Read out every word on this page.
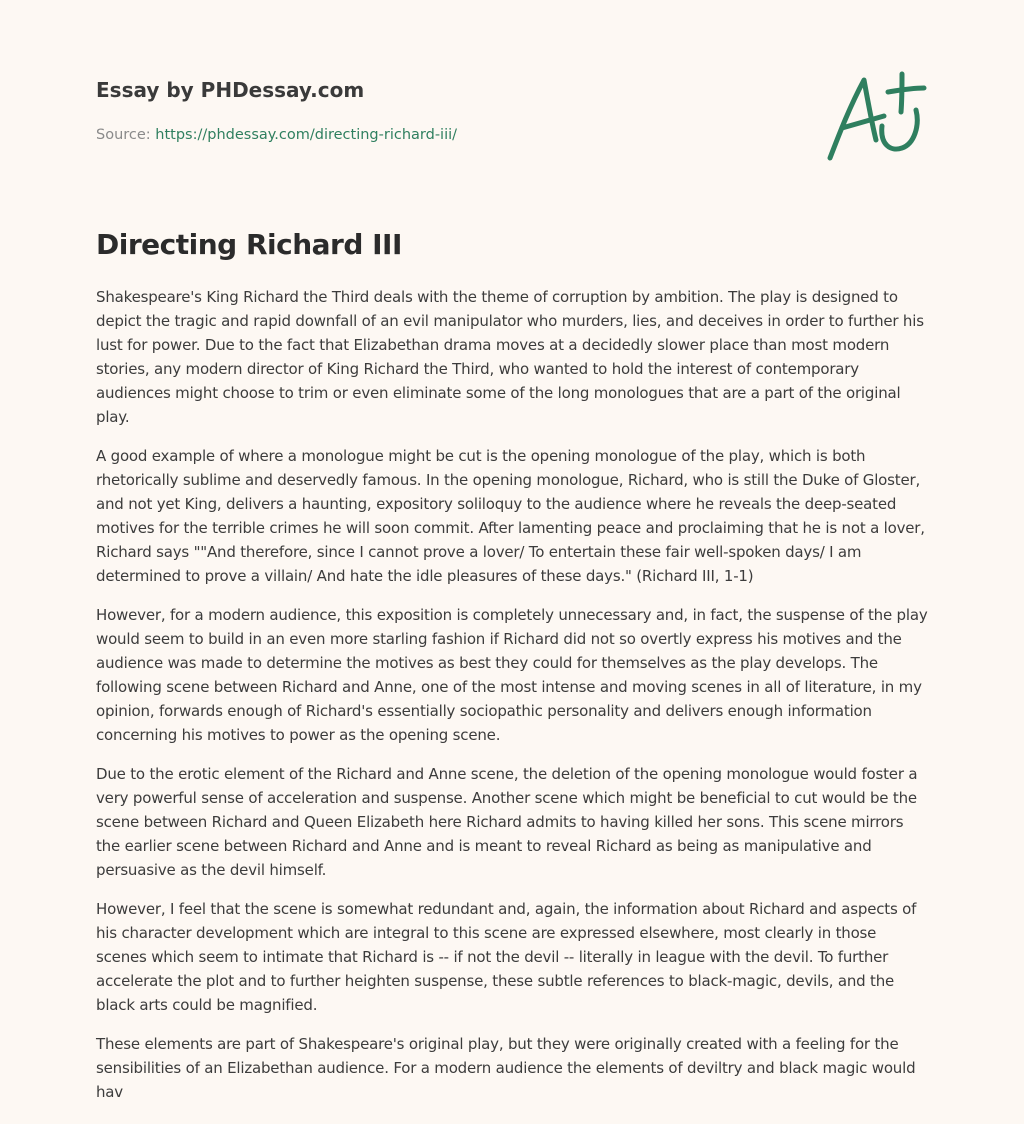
Essay by PHDessay.com
Source: https://phdessay.com/directing-richard-iii/
Directing Richard III

Shakespeare's King Richard the Third deals with the theme of corruption by ambition. The play is designed to depict the tragic and rapid downfall of an evil manipulator who murders, lies, and deceives in order to further his lust for power. Due to the fact that Elizabethan drama moves at a decidedly slower place than most modern stories, any modern director of King Richard the Third, who wanted to hold the interest of contemporary audiences might choose to trim or even eliminate some of the long monologues that are a part of the original play.

A good example of where a monologue might be cut is the opening monologue of the play, which is both rhetorically sublime and deservedly famous. In the opening monologue, Richard, who is still the Duke of Gloster, and not yet King, delivers a haunting, expository soliloquy to the audience where he reveals the deep-seated motives for the terrible crimes he will soon commit. After lamenting peace and proclaiming that he is not a lover, Richard says ""And therefore, since I cannot prove a lover/ To entertain these fair well-spoken days/ I am determined to prove a villain/ And hate the idle pleasures of these days." (Richard III, 1-1)

However, for a modern audience, this exposition is completely unnecessary and, in fact, the suspense of the play would seem to build in an even more starling fashion if Richard did not so overtly express his motives and the audience was made to determine the motives as best they could for themselves as the play develops. The following scene between Richard and Anne, one of the most intense and moving scenes in all of literature, in my opinion, forwards enough of Richard's essentially sociopathic personality and delivers enough information concerning his motives to power as the opening scene.

Due to the erotic element of the Richard and Anne scene, the deletion of the opening monologue would foster a very powerful sense of acceleration and suspense. Another scene which might be beneficial to cut would be the scene between Richard and Queen Elizabeth here Richard admits to having killed her sons. This scene mirrors the earlier scene between Richard and Anne and is meant to reveal Richard as being as manipulative and persuasive as the devil himself.

However, I feel that the scene is somewhat redundant and, again, the information about Richard and aspects of his character development which are integral to this scene are expressed elsewhere, most clearly in those scenes which seem to intimate that Richard is -- if not the devil -- literally in league with the devil. To further accelerate the plot and to further heighten suspense, these subtle references to black-magic, devils, and the black arts could be magnified.

These elements are part of Shakespeare's original play, but they were originally created with a feeling for the sensibilities of an Elizabethan audience. For a modern audience the elements of deviltry and black magic would hav
